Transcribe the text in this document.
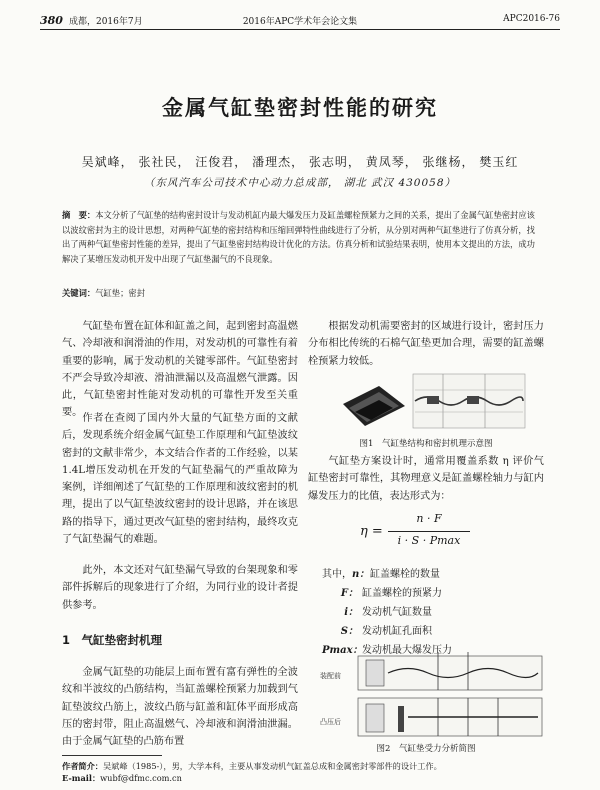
380 成都，2016年7月	2016年APC学术年会论文集	APC2016-76
金属气缸垫密封性能的研究
吴斌峰， 张社民， 汪俊君， 潘理杰， 张志明， 黄凤琴， 张继杨， 樊玉红
（东风汽车公司技术中心动力总成部， 湖北 武汉 430058）
摘　要：本文分析了气缸垫的结构密封设计与发动机缸内最大爆发压力及缸盖螺栓预紧力之间的关系，提出了金属气缸垫密封应该以波纹密封为主的设计思想，对两种气缸垫的密封结构和压缩回弹特性曲线进行了分析，从分别对两种气缸垫进行了仿真分析，找出了两种气缸垫密封性能的差异，提出了气缸垫密封结构设计优化的方法。仿真分析和试验结果表明，使用本文提出的方法，成功解决了某增压发动机开发中出现了气缸垫漏气的不良现象。
关键词：气缸垫；密封

气缸垫布置在缸体和缸盖之间，起到密封高温燃气、冷却液和润滑油的作用，对发动机的可靠性有着重要的影响，属于发动机的关键零部件。气缸垫密封不严会导致冷却液、滑油泄漏以及高温燃气泄露。因此，气缸垫密封性能对发动机的可靠性开发至关重要。

作者在查阅了国内外大量的气缸垫方面的文献后，发现系统介绍金属气缸垫工作原理和气缸垫波纹密封的文献非常少，本文结合作者的工作经验，以某1.4L增压发动机在开发的气缸垫漏气的严重故障为案例，详细阐述了气缸垫的工作原理和波纹密封的机理，提出了以气缸垫波纹密封的设计思路，并在该思路的指导下，通过更改气缸垫的密封结构，最终攻克了气缸垫漏气的难题。

此外，本文还对气缸垫漏气导致的台架现象和零部件拆解后的现象进行了介绍，为同行业的设计者提供参考。

1　气缸垫密封机理

金属气缸垫的功能层上面布置有富有弹性的全波纹和半波纹的凸筋结构，当缸盖螺栓预紧力加载到气缸垫波纹凸筋上，波纹凸筋与缸盖和缸体平面形成高压的密封带，阻止高温燃气、冷却液和润滑油泄漏。由于金属气缸垫的凸筋布置

根据发动机需要密封的区域进行设计，密封压力分布相比传统的石棉气缸垫更加合理，需要的缸盖螺栓预紧力较低。

图1　气缸垫结构和密封机理示意图

气缸垫方案设计时，通常用覆盖系数 η 评价气缸垫密封可靠性，其物理意义是缸盖螺栓轴力与缸内爆发压力的比值，表达形式为：

η =
n · F
i · S · Pmax
其中，n：缸盖螺栓的数量
F： 缸盖螺栓的预紧力
i： 发动机气缸数量
S： 发动机缸孔面积
Pmax：发动机最大爆发压力
装配前
凸压后
图2　气缸垫受力分析简图
作者简介：吴斌峰（1985-），男，大学本科，主要从事发动机气缸盖总成和金属密封零部件的设计工作。
E-mail：wubf@dfmc.com.cn
